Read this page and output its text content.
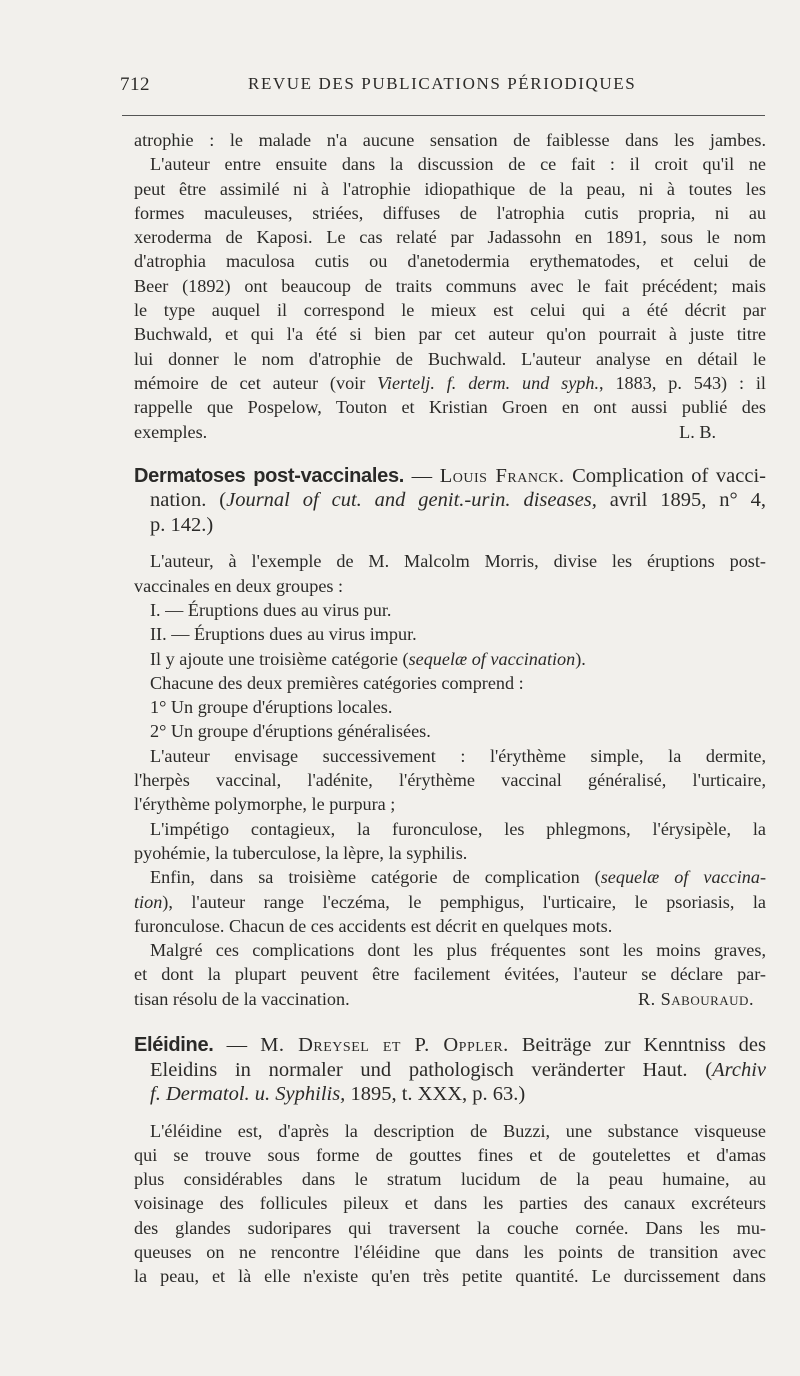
712	REVUE DES PUBLICATIONS PÉRIODIQUES

atrophie : le malade n'a aucune sensation de faiblesse dans les jambes.

L'auteur entre ensuite dans la discussion de ce fait : il croit qu'il ne

peut être assimilé ni à l'atrophie idiopathique de la peau, ni à toutes les

formes maculeuses, striées, diffuses de l'atrophia cutis propria, ni au

xeroderma de Kaposi. Le cas relaté par Jadassohn en 1891, sous le nom

d'atrophia maculosa cutis ou d'anetodermia erythematodes, et celui de

Beer (1892) ont beaucoup de traits communs avec le fait précédent; mais

le type auquel il correspond le mieux est celui qui a été décrit par

Buchwald, et qui l'a été si bien par cet auteur qu'on pourrait à juste titre

lui donner le nom d'atrophie de Buchwald. L'auteur analyse en détail le

mémoire de cet auteur (voir Viertelj. f. derm. und syph., 1883, p. 543) : il

rappelle que Pospelow, Touton et Kristian Groen en ont aussi publié des

exemples.	L. B.

Dermatoses post-vaccinales. — Louis Franck. Complication of vacci-
nation. (Journal of cut. and genit.-urin. diseases, avril 1895, n° 4,
p. 142.)

L'auteur, à l'exemple de M. Malcolm Morris, divise les éruptions post-

vaccinales en deux groupes :

I. — Éruptions dues au virus pur.

II. — Éruptions dues au virus impur.

Il y ajoute une troisième catégorie (sequelæ of vaccination).

Chacune des deux premières catégories comprend :

1° Un groupe d'éruptions locales.

2° Un groupe d'éruptions généralisées.

L'auteur envisage successivement : l'érythème simple, la dermite,

l'herpès vaccinal, l'adénite, l'érythème vaccinal généralisé, l'urticaire,

l'érythème polymorphe, le purpura ;

L'impétigo contagieux, la furonculose, les phlegmons, l'érysipèle, la

pyohémie, la tuberculose, la lèpre, la syphilis.

Enfin, dans sa troisième catégorie de complication (sequelæ of vaccina-

tion), l'auteur range l'eczéma, le pemphigus, l'urticaire, le psoriasis, la

furonculose. Chacun de ces accidents est décrit en quelques mots.

Malgré ces complications dont les plus fréquentes sont les moins graves,

et dont la plupart peuvent être facilement évitées, l'auteur se déclare par-

tisan résolu de la vaccination.	R. Sabouraud.

Eléidine. — M. Dreysel et P. Oppler. Beiträge zur Kenntniss des
Eleidins in normaler und pathologisch veränderter Haut. (Archiv
f. Dermatol. u. Syphilis, 1895, t. XXX, p. 63.)

L'éléidine est, d'après la description de Buzzi, une substance visqueuse

qui se trouve sous forme de gouttes fines et de goutelettes et d'amas

plus considérables dans le stratum lucidum de la peau humaine, au

voisinage des follicules pileux et dans les parties des canaux excréteurs

des glandes sudoripares qui traversent la couche cornée. Dans les mu-

queuses on ne rencontre l'éléidine que dans les points de transition avec

la peau, et là elle n'existe qu'en très petite quantité. Le durcissement dans
